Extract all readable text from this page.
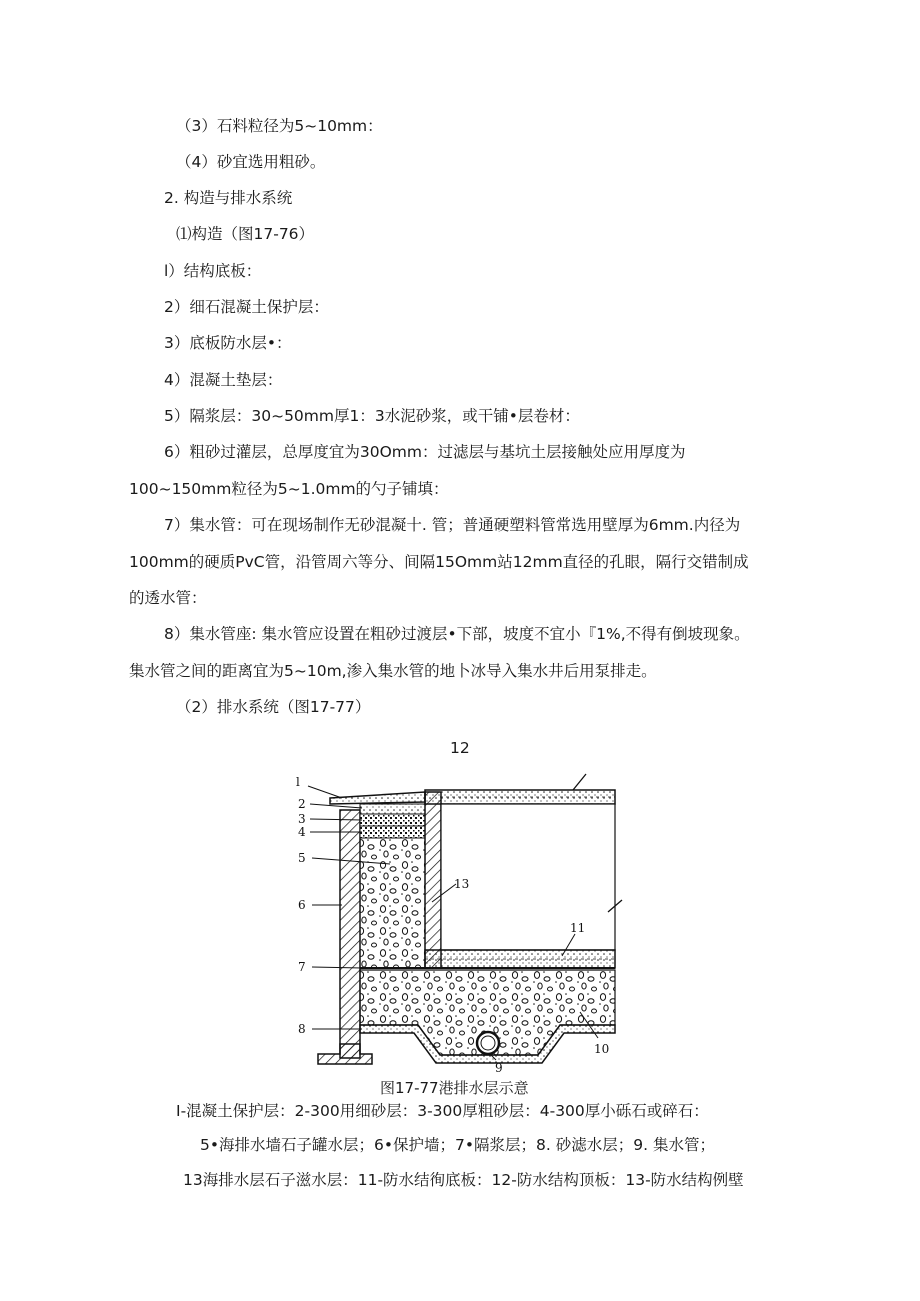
（3）石料粒径为5~10mm：
（4）砂宜选用粗砂。
2. 构造与排水系统
⑴构造（图17-76）
l）结构底板：
2）细石混凝土保护层：
3）底板防水层•：
4）混凝土垫层：
5）隔浆层：30~50mm厚1：3水泥砂浆，或干铺•层卷材：
6）粗砂过灌层，总厚度宜为30Omm：过滤层与基坑土层接触处应用厚度为
100~150mm粒径为5~1.0mm的勺子铺填：
7）集水管：可在现场制作无砂混凝十. 管；普通硬塑料管常选用壁厚为6mm.内径为
100mm的硬质PvC管，沿管周六等分、间隔15Omm站12mm直径的孔眼，隔行交错制成
的透水管：
8）集水管座: 集水管应设置在粗砂过渡层•下部，坡度不宜小『1%,不得有倒坡现象。
集水管之间的距离宜为5~10m,渗入集水管的地卜冰导入集水井后用泵排走。
（2）排水系统（图17-77）
12
l
2
3
4
5
6
7
8
13
11
9
10
图17-77港排水层示意
I-混凝土保护层：2-300用细砂层：3-300厚粗砂层：4-300厚小砾石或碎石：
5•海排水墙石子罐水层；6•保护墙；7•隔浆层；8. 砂滤水层；9. 集水管；
13海排水层石子滋水层：11-防水结徇底板：12-防水结构顶板：13-防水结构例壁
